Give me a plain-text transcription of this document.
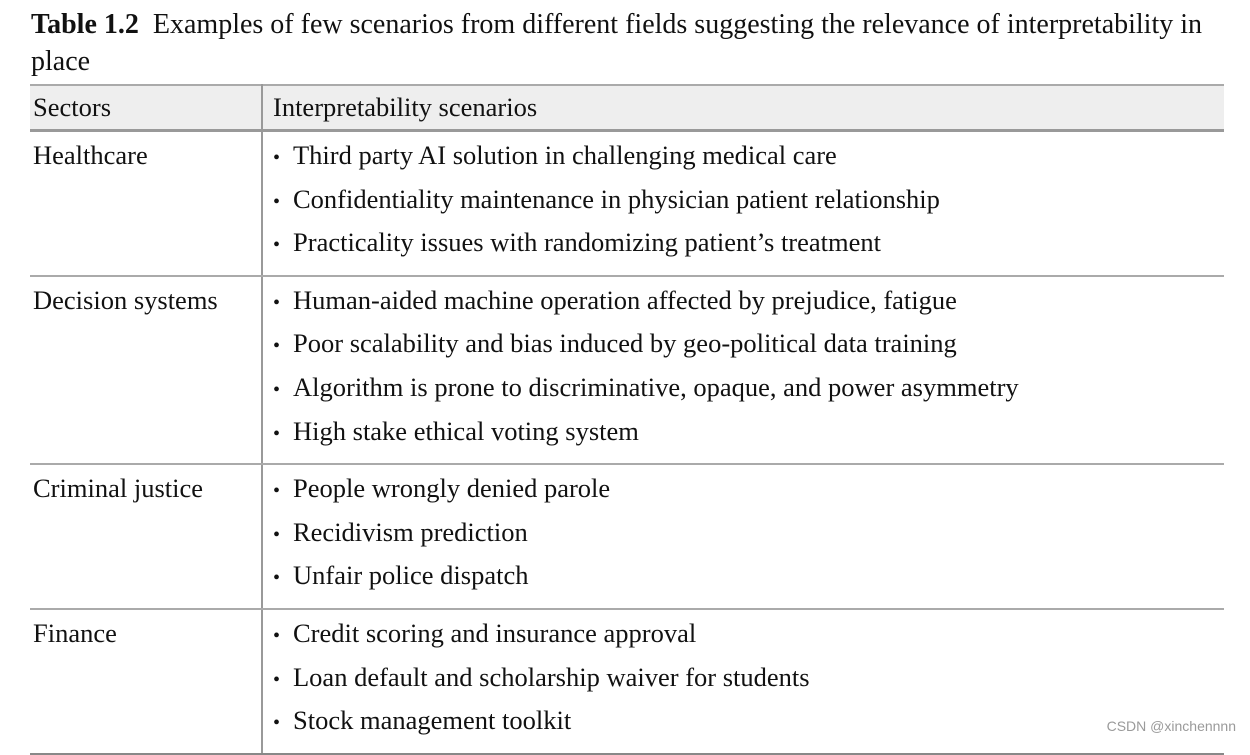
Table 1.2 Examples of few scenarios from different fields suggesting the relevance of interpretability in place
Sectors	Interpretability scenarios
Healthcare	• Third party AI solution in challenging medical care
• Confidentiality maintenance in physician patient relationship
• Practicality issues with randomizing patient’s treatment

Decision systems	• Human-aided machine operation affected by prejudice, fatigue
• Poor scalability and bias induced by geo-political data training
• Algorithm is prone to discriminative, opaque, and power asymmetry
• High stake ethical voting system

Criminal justice	• People wrongly denied parole
• Recidivism prediction
• Unfair police dispatch

Finance	• Credit scoring and insurance approval
• Loan default and scholarship waiver for students
• Stock management toolkit	CSDN @xinchennnn
